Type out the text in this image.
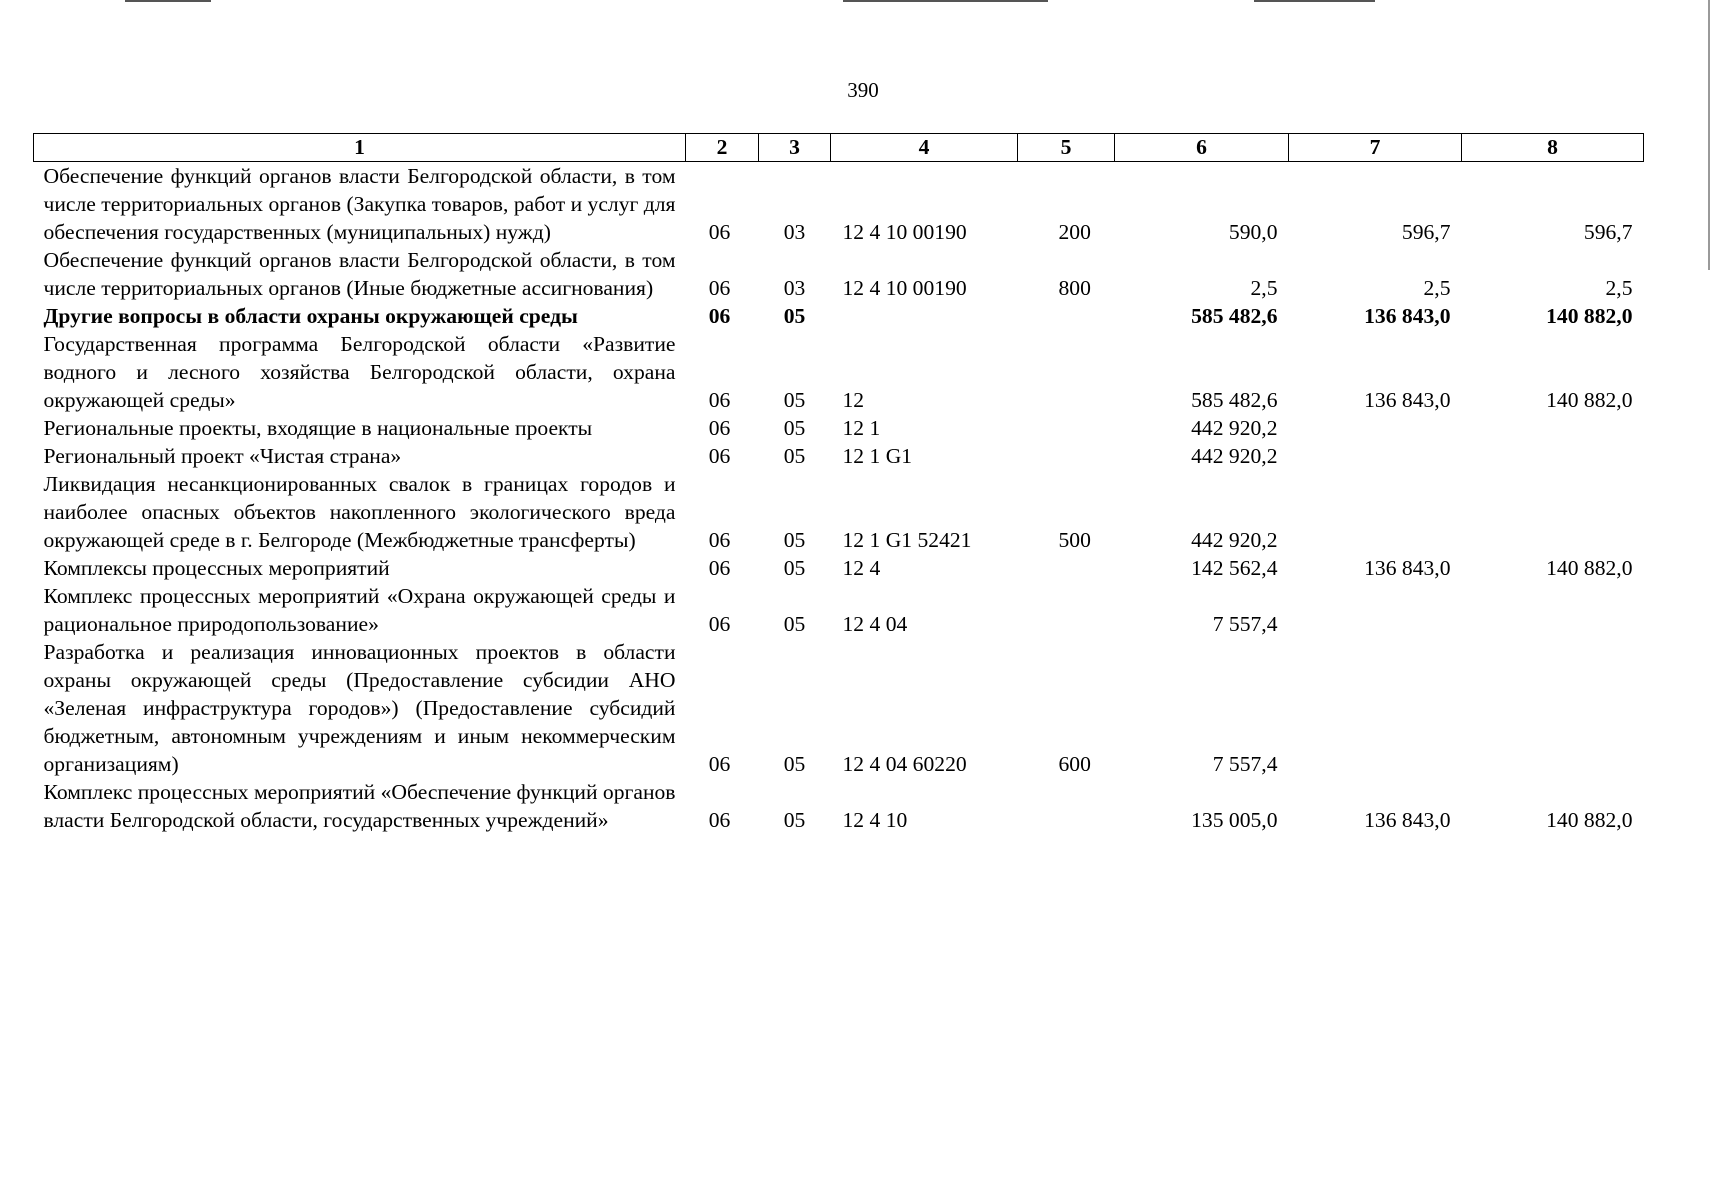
390
1	2	3	4	5	6	7	8
Обеспечение функций органов власти Белгородской области, в том числе территориальных органов (Закупка товаров, работ и услуг для обеспечения государственных (муниципальных) нужд)	06	03	12 4 10 00190	200	590,0	596,7	596,7
Обеспечение функций органов власти Белгородской области, в том числе территориальных органов (Иные бюджетные ассигнования)	06	03	12 4 10 00190	800	2,5	2,5	2,5
Другие вопросы в области охраны окружающей среды	06	05			585 482,6	136 843,0	140 882,0
Государственная программа Белгородской области «Развитие водного и лесного хозяйства Белгородской области, охрана окружающей среды»	06	05	12		585 482,6	136 843,0	140 882,0
Региональные проекты, входящие в национальные проекты	06	05	12 1		442 920,2		
Региональный проект «Чистая страна»	06	05	12 1 G1		442 920,2		
Ликвидация несанкционированных свалок в границах городов и наиболее опасных объектов накопленного экологического вреда окружающей среде в г. Белгороде (Межбюджетные трансферты)	06	05	12 1 G1 52421	500	442 920,2		
Комплексы процессных мероприятий	06	05	12 4		142 562,4	136 843,0	140 882,0
Комплекс процессных мероприятий «Охрана окружающей среды и рациональное природопользование»	06	05	12 4 04		7 557,4		
Разработка и реализация инновационных проектов в области охраны окружающей среды (Предоставление субсидии АНО «Зеленая инфраструктура городов») (Предоставление субсидий бюджетным, автономным учреждениям и иным некоммерческим организациям)	06	05	12 4 04 60220	600	7 557,4		
Комплекс процессных мероприятий «Обеспечение функций органов власти Белгородской области, государственных учреждений»	06	05	12 4 10		135 005,0	136 843,0	140 882,0
